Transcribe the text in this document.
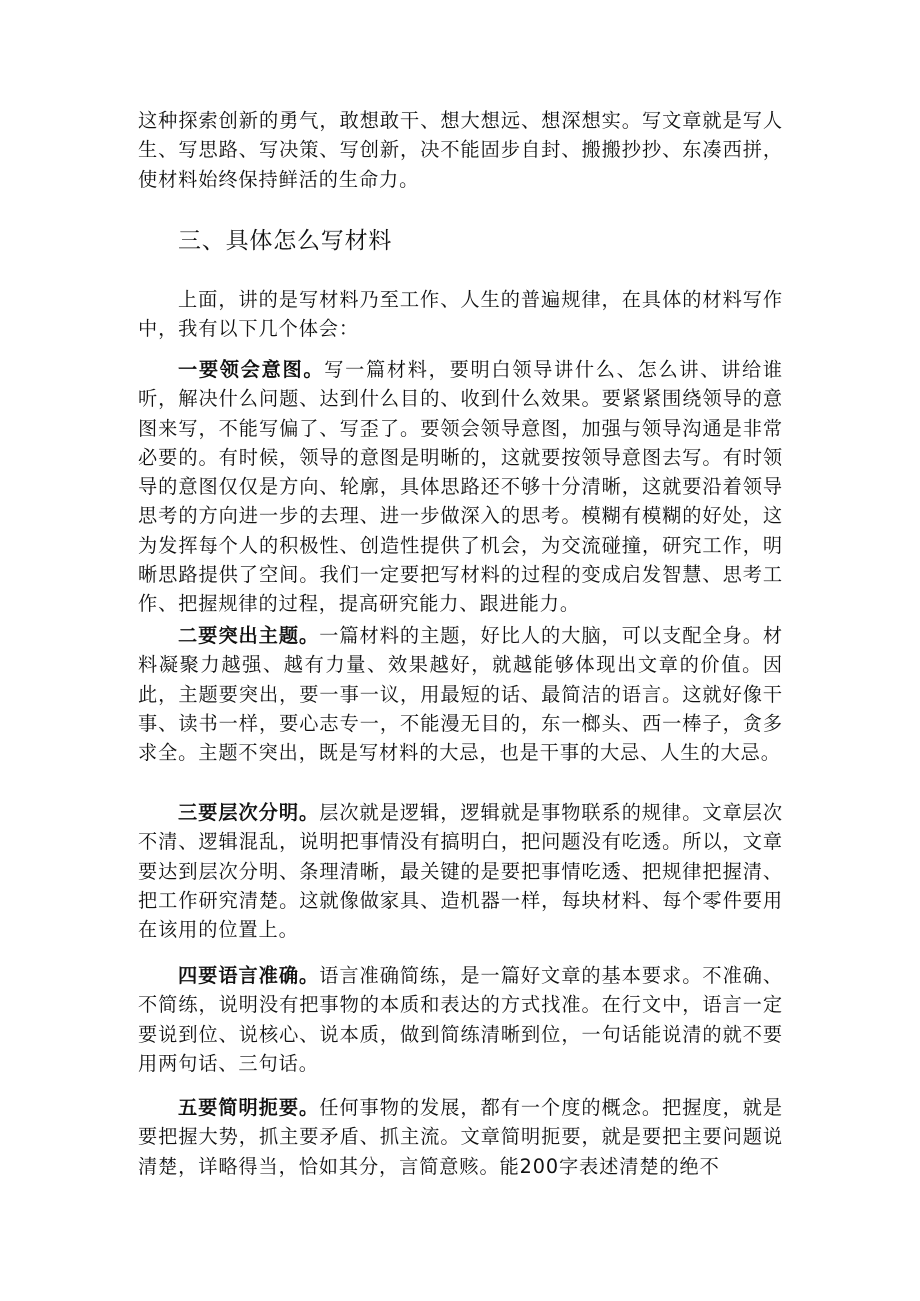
这种探索创新的勇气，敢想敢干、想大想远、想深想实。写文章就是写人生、写思路、写决策、写创新，决不能固步自封、搬搬抄抄、东凑西拼，使材料始终保持鲜活的生命力。

三、具体怎么写材料

上面，讲的是写材料乃至工作、人生的普遍规律，在具体的材料写作中，我有以下几个体会：

一要领会意图。写一篇材料，要明白领导讲什么、怎么讲、讲给谁听，解决什么问题、达到什么目的、收到什么效果。要紧紧围绕领导的意图来写，不能写偏了、写歪了。要领会领导意图，加强与领导沟通是非常必要的。有时候，领导的意图是明晰的，这就要按领导意图去写。有时领导的意图仅仅是方向、轮廓，具体思路还不够十分清晰，这就要沿着领导思考的方向进一步的去理、进一步做深入的思考。模糊有模糊的好处，这为发挥每个人的积极性、创造性提供了机会，为交流碰撞，研究工作，明晰思路提供了空间。我们一定要把写材料的过程的变成启发智慧、思考工作、把握规律的过程，提高研究能力、跟进能力。

二要突出主题。一篇材料的主题，好比人的大脑，可以支配全身。材料凝聚力越强、越有力量、效果越好，就越能够体现出文章的价值。因此，主题要突出，要一事一议，用最短的话、最简洁的语言。这就好像干事、读书一样，要心志专一，不能漫无目的，东一榔头、西一棒子，贪多求全。主题不突出，既是写材料的大忌，也是干事的大忌、人生的大忌。

三要层次分明。层次就是逻辑，逻辑就是事物联系的规律。文章层次不清、逻辑混乱，说明把事情没有搞明白，把问题没有吃透。所以，文章要达到层次分明、条理清晰，最关键的是要把事情吃透、把规律把握清、把工作研究清楚。这就像做家具、造机器一样，每块材料、每个零件要用在该用的位置上。

四要语言准确。语言准确简练，是一篇好文章的基本要求。不准确、不简练，说明没有把事物的本质和表达的方式找准。在行文中，语言一定要说到位、说核心、说本质，做到简练清晰到位，一句话能说清的就不要用两句话、三句话。

五要简明扼要。任何事物的发展，都有一个度的概念。把握度，就是要把握大势，抓主要矛盾、抓主流。文章简明扼要，就是要把主要问题说清楚，详略得当，恰如其分，言简意赅。能200字表述清楚的绝不
